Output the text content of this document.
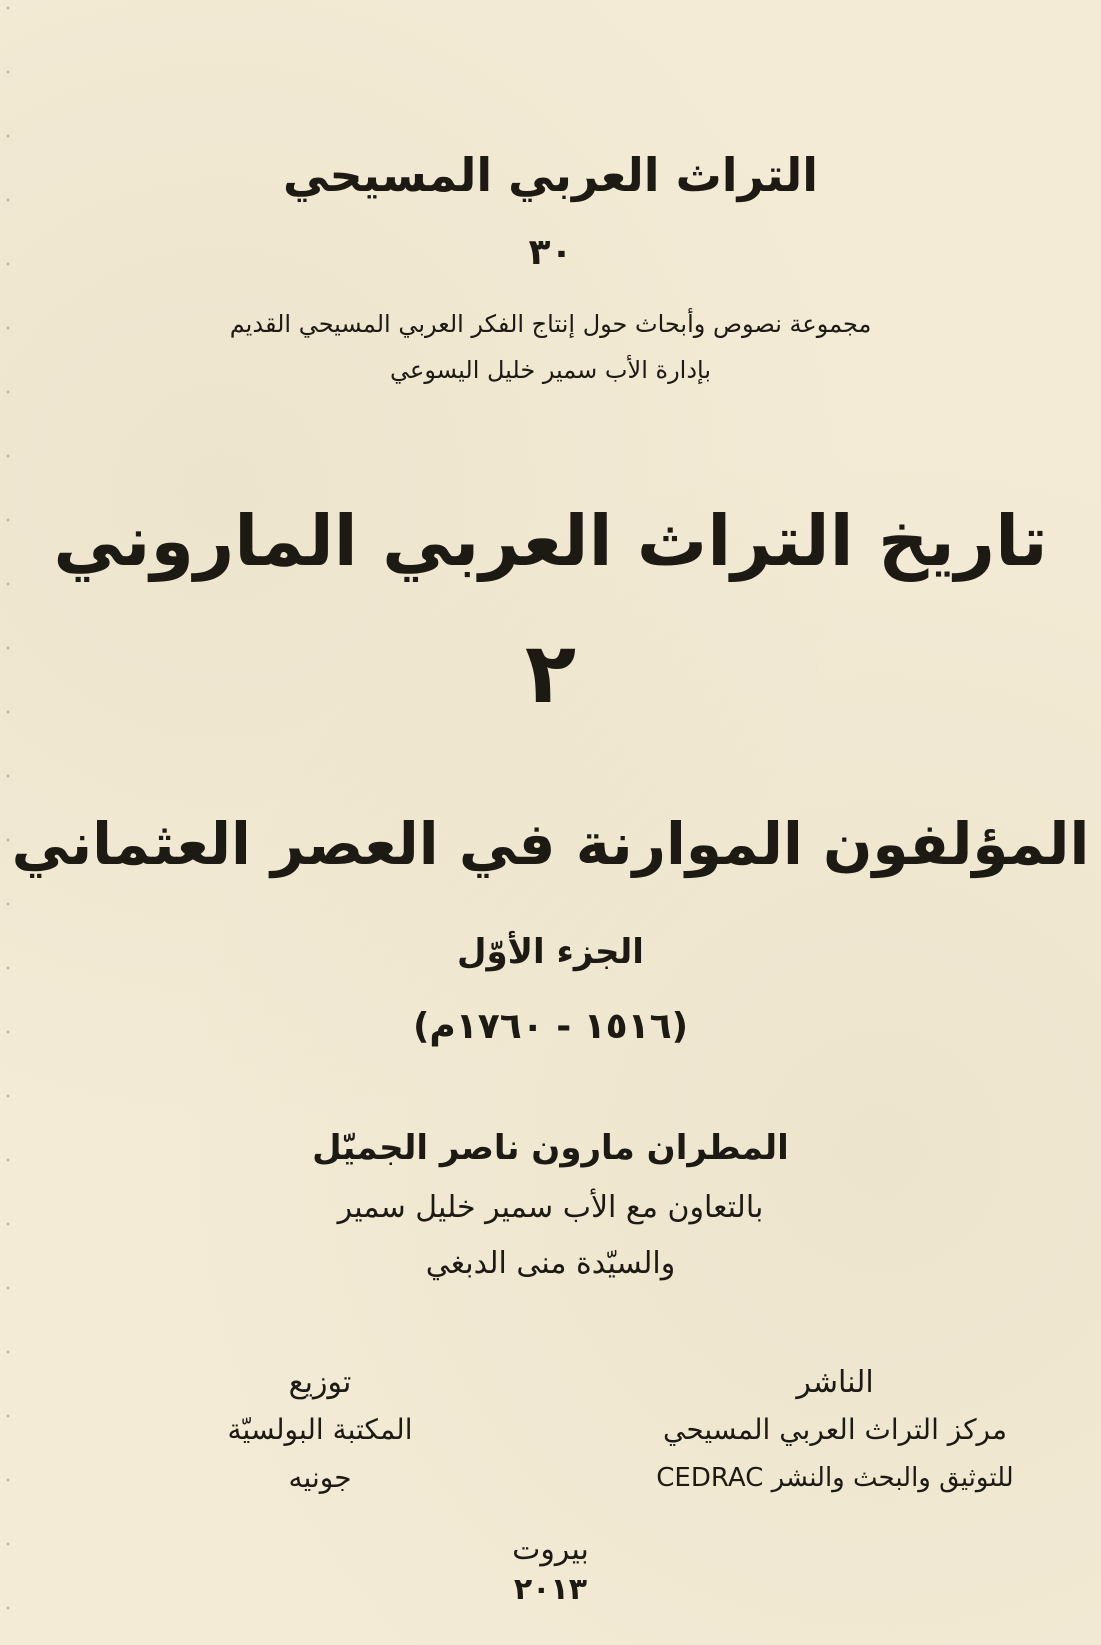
التراث العربي المسيحي
٣٠
مجموعة نصوص وأبحاث حول إنتاج الفكر العربي المسيحي القديم
بإدارة الأب سمير خليل اليسوعي
تاريخ التراث العربي الماروني
٢
المؤلفون الموارنة في العصر العثماني
الجزء الأوّل
(١٥١٦ - ١٧٦٠م)
المطران مارون ناصر الجميّل
بالتعاون مع الأب سمير خليل سمير
والسيّدة منى الدبغي
الناشر
مركز التراث العربي المسيحي
للتوثيق والبحث والنشر CEDRAC
توزيع
المكتبة البولسيّة
جونيه
بيروت
٢٠١٣
